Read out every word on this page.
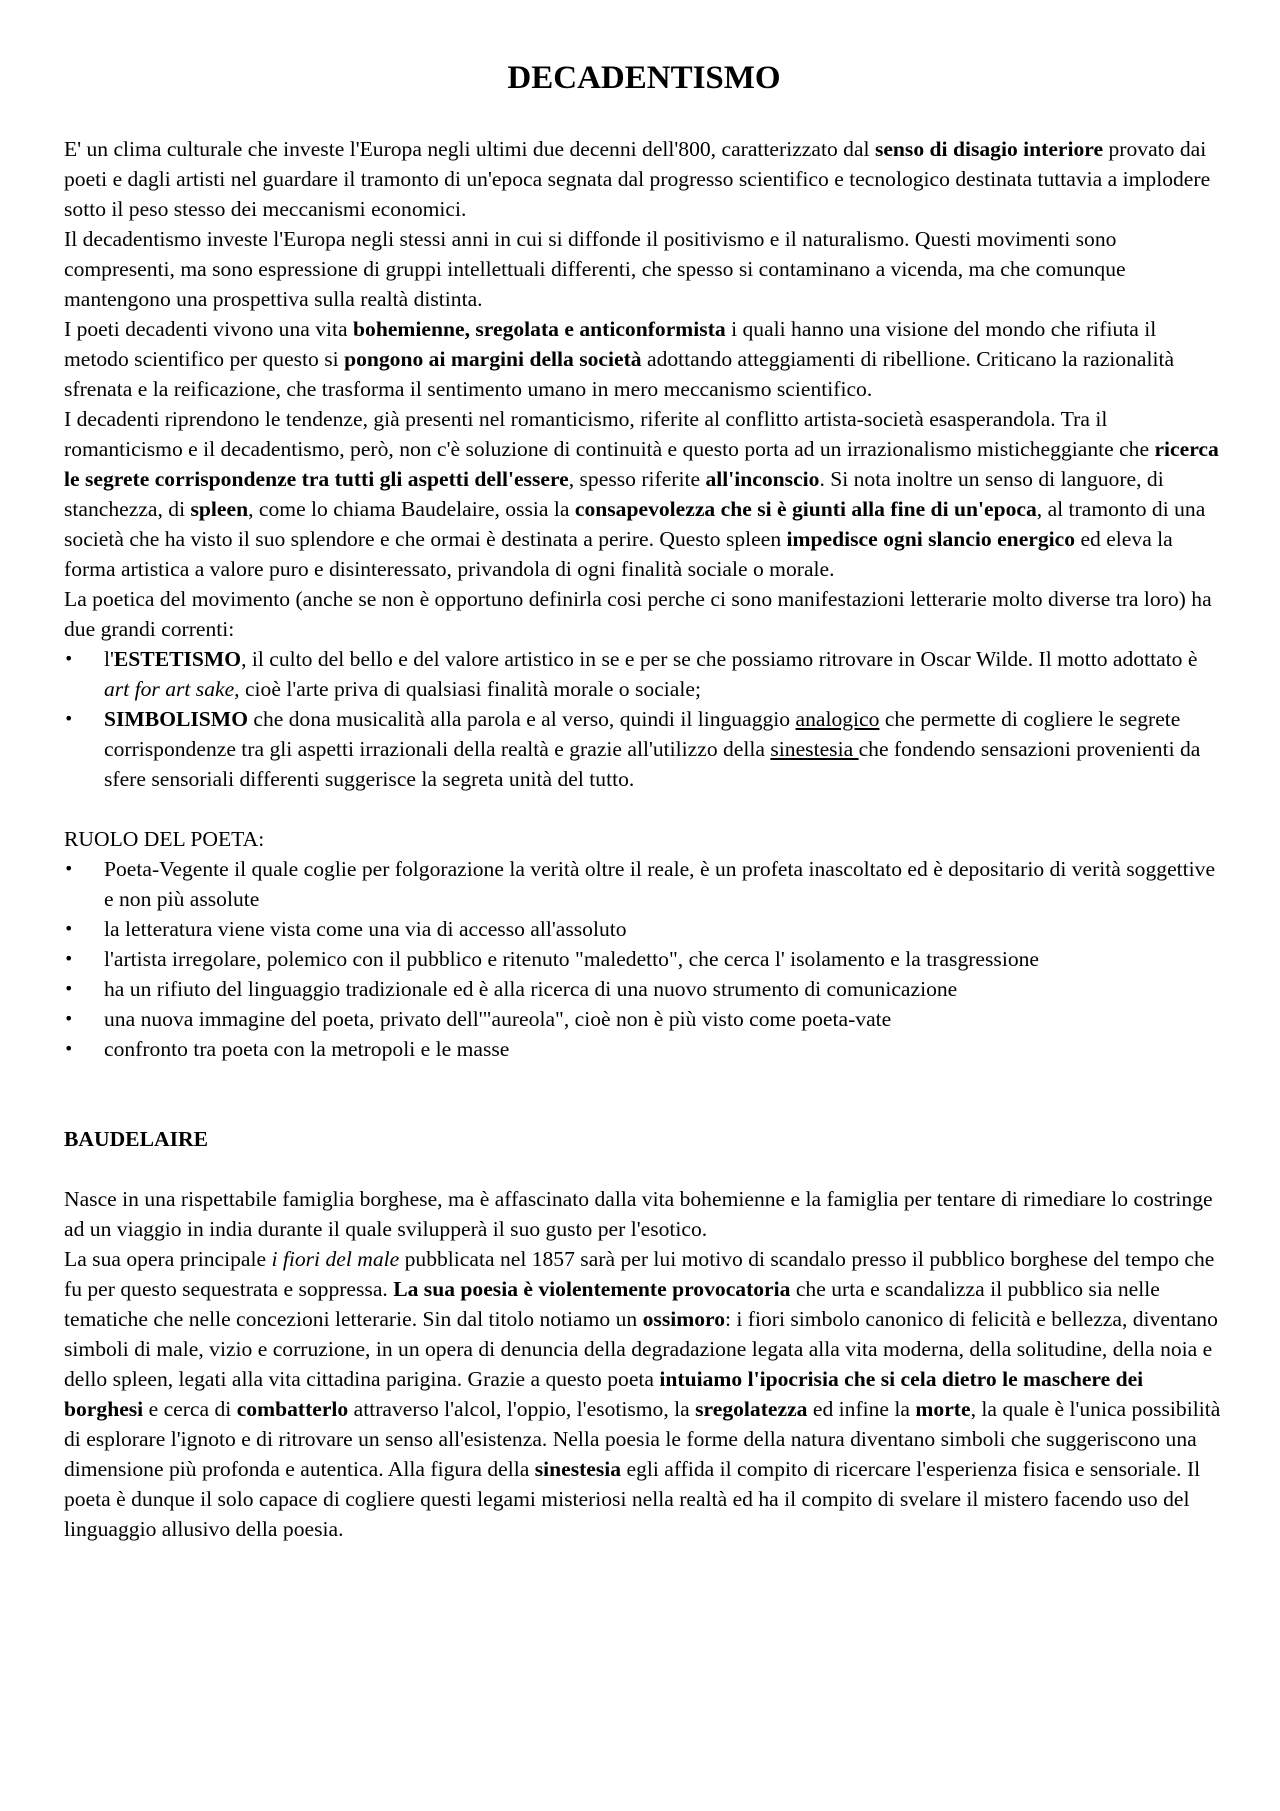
DECADENTISMO

E' un clima culturale che investe l'Europa negli ultimi due decenni dell'800, caratterizzato dal senso di disagio interiore provato dai poeti e dagli artisti nel guardare il tramonto di un'epoca segnata dal progresso scientifico e tecnologico destinata tuttavia a implodere sotto il peso stesso dei meccanismi economici.

Il decadentismo investe l'Europa negli stessi anni in cui si diffonde il positivismo e il naturalismo. Questi movimenti sono compresenti, ma sono espressione di gruppi intellettuali differenti, che spesso si contaminano a vicenda, ma che comunque mantengono una prospettiva sulla realtà distinta.

I poeti decadenti vivono una vita bohemienne, sregolata e anticonformista i quali hanno una visione del mondo che rifiuta il metodo scientifico per questo si pongono ai margini della società adottando atteggiamenti di ribellione. Criticano la razionalità sfrenata e la reificazione, che trasforma il sentimento umano in mero meccanismo scientifico.

I decadenti riprendono le tendenze, già presenti nel romanticismo, riferite al conflitto artista-società esasperandola. Tra il romanticismo e il decadentismo, però, non c'è soluzione di continuità e questo porta ad un irrazionalismo misticheggiante che ricerca le segrete corrispondenze tra tutti gli aspetti dell'essere, spesso riferite all'inconscio. Si nota inoltre un senso di languore, di stanchezza, di spleen, come lo chiama Baudelaire, ossia la consapevolezza che si è giunti alla fine di un'epoca, al tramonto di una società che ha visto il suo splendore e che ormai è destinata a perire. Questo spleen impedisce ogni slancio energico ed eleva la forma artistica a valore puro e disinteressato, privandola di ogni finalità sociale o morale.

La poetica del movimento (anche se non è opportuno definirla cosi perche ci sono manifestazioni letterarie molto diverse tra loro) ha due grandi correnti:

•	l'ESTETISMO, il culto del bello e del valore artistico in se e per se che possiamo ritrovare in Oscar Wilde. Il motto adottato è art for art sake, cioè l'arte priva di qualsiasi finalità morale o sociale;
•	SIMBOLISMO che dona musicalità alla parola e al verso, quindi il linguaggio analogico che permette di cogliere le segrete corrispondenze tra gli aspetti irrazionali della realtà e grazie all'utilizzo della sinestesia che fondendo sensazioni provenienti da sfere sensoriali differenti suggerisce la segreta unità del tutto.

RUOLO DEL POETA:

•	Poeta-Vegente il quale coglie per folgorazione la verità oltre il reale, è un profeta inascoltato ed è depositario di verità soggettive e non più assolute
•	la letteratura viene vista come una via di accesso all'assoluto
•	l'artista irregolare, polemico con il pubblico e ritenuto "maledetto", che cerca l' isolamento e la trasgressione
•	ha un rifiuto del linguaggio tradizionale ed è alla ricerca di una nuovo strumento di comunicazione
•	una nuova immagine del poeta, privato dell'"aureola", cioè non è più visto come poeta-vate
•	confronto tra poeta con la metropoli e le masse

BAUDELAIRE

Nasce in una rispettabile famiglia borghese, ma è affascinato dalla vita bohemienne e la famiglia per tentare di rimediare lo costringe ad un viaggio in india durante il quale svilupperà il suo gusto per l'esotico.

La sua opera principale i fiori del male pubblicata nel 1857 sarà per lui motivo di scandalo presso il pubblico borghese del tempo che fu per questo sequestrata e soppressa. La sua poesia è violentemente provocatoria che urta e scandalizza il pubblico sia nelle tematiche che nelle concezioni letterarie. Sin dal titolo notiamo un ossimoro: i fiori simbolo canonico di felicità e bellezza, diventano simboli di male, vizio e corruzione, in un opera di denuncia della degradazione legata alla vita moderna, della solitudine, della noia e dello spleen, legati alla vita cittadina parigina. Grazie a questo poeta intuiamo l'ipocrisia che si cela dietro le maschere dei borghesi e cerca di combatterlo attraverso l'alcol, l'oppio, l'esotismo, la sregolatezza ed infine la morte, la quale è l'unica possibilità di esplorare l'ignoto e di ritrovare un senso all'esistenza. Nella poesia le forme della natura diventano simboli che suggeriscono una dimensione più profonda e autentica. Alla figura della sinestesia egli affida il compito di ricercare l'esperienza fisica e sensoriale. Il poeta è dunque il solo capace di cogliere questi legami misteriosi nella realtà ed ha il compito di svelare il mistero facendo uso del linguaggio allusivo della poesia.
